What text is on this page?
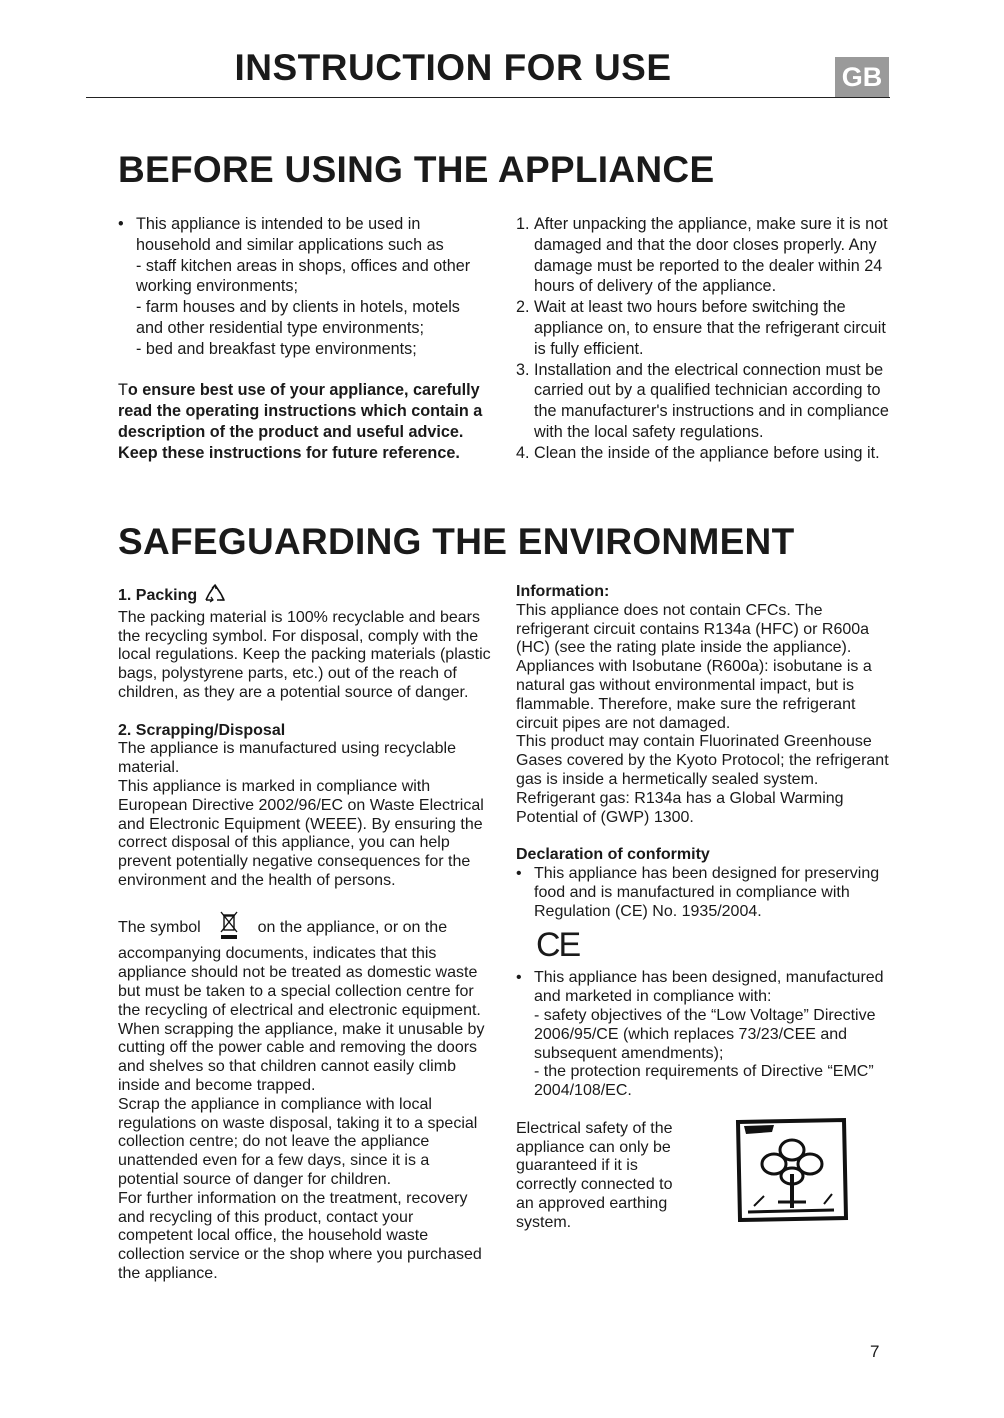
INSTRUCTION FOR USE	GB
BEFORE USING THE APPLIANCE
• This appliance is intended to be used in household and similar applications such as

- staff kitchen areas in shops, offices and other working environments;

- farm houses and by clients in hotels, motels and other residential type environments;

- bed and breakfast type environments;

To ensure best use of your appliance, carefully read the operating instructions which contain a description of the product and useful advice.

Keep these instructions for future reference.

1. After unpacking the appliance, make sure it is not damaged and that the door closes properly. Any damage must be reported to the dealer within 24 hours of delivery of the appliance.
2. Wait at least two hours before switching the appliance on, to ensure that the refrigerant circuit is fully efficient.
3. Installation and the electrical connection must be carried out by a qualified technician according to the manufacturer's instructions and in compliance with the local safety regulations.
4. Clean the inside of the appliance before using it.
SAFEGUARDING THE ENVIRONMENT

1. Packing

The packing material is 100% recyclable and bears the recycling symbol. For disposal, comply with the local regulations. Keep the packing materials (plastic bags, polystyrene parts, etc.) out of the reach of children, as they are a potential source of danger.

2. Scrapping/Disposal

The appliance is manufactured using recyclable material.

This appliance is marked in compliance with European Directive 2002/96/EC on Waste Electrical and Electronic Equipment (WEEE). By ensuring the correct disposal of this appliance, you can help prevent potentially negative consequences for the environment and the health of persons.

The symbol	on the appliance, or on the accompanying documents, indicates that this appliance should not be treated as domestic waste but must be taken to a special collection centre for the recycling of electrical and electronic equipment.

When scrapping the appliance, make it unusable by cutting off the power cable and removing the doors and shelves so that children cannot easily climb inside and become trapped.

Scrap the appliance in compliance with local regulations on waste disposal, taking it to a special collection centre; do not leave the appliance unattended even for a few days, since it is a potential source of danger for children.

For further information on the treatment, recovery and recycling of this product, contact your competent local office, the household waste collection service or the shop where you purchased the appliance.

Information:

This appliance does not contain CFCs. The refrigerant circuit contains R134a (HFC) or R600a (HC) (see the rating plate inside the appliance).

Appliances with Isobutane (R600a): isobutane is a natural gas without environmental impact, but is flammable. Therefore, make sure the refrigerant circuit pipes are not damaged.

This product may contain Fluorinated Greenhouse Gases covered by the Kyoto Protocol; the refrigerant gas is inside a hermetically sealed system.

Refrigerant gas: R134a has a Global Warming Potential of (GWP) 1300.

Declaration of conformity

• This appliance has been designed for preserving food and is manufactured in compliance with Regulation (CE) No. 1935/2004.
CE
• This appliance has been designed, manufactured and marketed in compliance with:

- safety objectives of the “Low Voltage” Directive 2006/95/CE (which replaces 73/23/CEE and subsequent amendments);

- the protection requirements of Directive “EMC” 2004/108/EC.

Electrical safety of the appliance can only be guaranteed if it is correctly connected to an approved earthing system.

7
